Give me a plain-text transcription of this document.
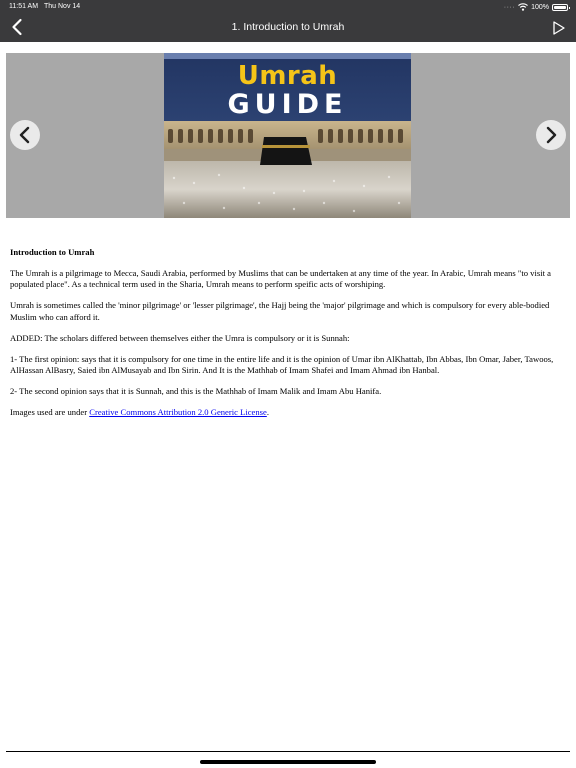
11:51 AM Thu Nov 14	···· 100%
1. Introduction to Umrah
Umrah
GUIDE
Introduction to Umrah

The Umrah is a pilgrimage to Mecca, Saudi Arabia, performed by Muslims that can be undertaken at any time of the year. In Arabic, Umrah means "to visit a populated place". As a technical term used in the Sharia, Umrah means to perform speific acts of worshiping.

Umrah is sometimes called the 'minor pilgrimage' or 'lesser pilgrimage', the Hajj being the 'major' pilgrimage and which is compulsory for every able-bodied Muslim who can afford it.

ADDED: The scholars differed between themselves either the Umra is compulsory or it is Sunnah:

1- The first opinion: says that it is compulsory for one time in the entire life and it is the opinion of Umar ibn AlKhattab, Ibn Abbas, Ibn Omar, Jaber, Tawoos, AlHassan AlBasry, Saied ibn AlMusayab and Ibn Sirin. And It is the Mathhab of Imam Shafei and Imam Ahmad ibn Hanbal.

2- The second opinion says that it is Sunnah, and this is the Mathhab of Imam Malik and Imam Abu Hanifa.

Images used are under Creative Commons Attribution 2.0 Generic License.
